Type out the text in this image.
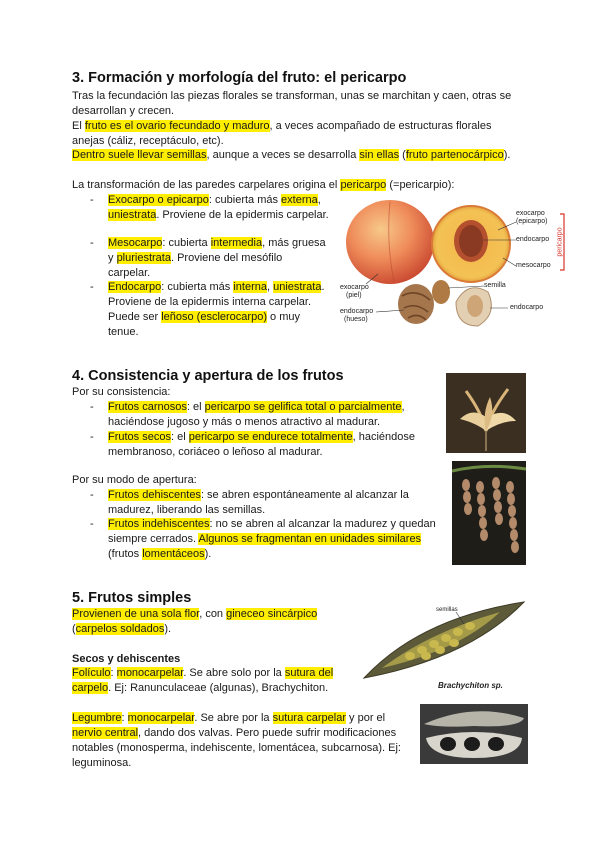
3. Formación y morfología del fruto: el pericarpo

Tras la fecundación las piezas florales se transforman, unas se marchitan y caen, otras se desarrollan y crecen.

El fruto es el ovario fecundado y maduro, a veces acompañado de estructuras florales anejas (cáliz, receptáculo, etc).

Dentro suele llevar semillas, aunque a veces se desarrolla sin ellas (fruto partenocárpico).

La transformación de las paredes carpelares origina el pericarpo (=pericarpio):

- Exocarpo o epicarpo: cubierta más externa, uniestrata. Proviene de la epidermis carpelar.
- Mesocarpo: cubierta intermedia, más gruesa y pluriestrata. Proviene del mesófilo carpelar.
- Endocarpo: cubierta más interna, uniestrata. Proviene de la epidermis interna carpelar. Puede ser leñoso (esclerocarpo) o muy tenue.
exocarpo
(epicarpo)
endocarpo
mesocarpo
pericarpo
exocarpo
(piel)
endocarpo
(hueso)
semilla
endocarpo
4. Consistencia y apertura de los frutos

Por su consistencia:

- Frutos carnosos: el pericarpo se gelifica total o parcialmente, haciéndose jugoso y más o menos atractivo al madurar.
- Frutos secos: el pericarpo se endurece totalmente, haciéndose membranoso, coriáceo o leñoso al madurar.

Por su modo de apertura:

- Frutos dehiscentes: se abren espontáneamente al alcanzar la madurez, liberando las semillas.
- Frutos indehiscentes: no se abren al alcanzar la madurez y quedan siempre cerrados. Algunos se fragmentan en unidades similares (frutos lomentáceos).
5. Frutos simples

Provienen de una sola flor, con gineceo sincárpico (carpelos soldados).

Secos y dehiscentes

Folículo: monocarpelar. Se abre solo por la sutura del carpelo. Ej: Ranunculaceae (algunas), Brachychiton.

Legumbre: monocarpelar. Se abre por la sutura carpelar y por el nervio central, dando dos valvas. Pero puede sufrir modificaciones notables (monosperma, indehiscente, lomentácea, subcarnosa). Ej: leguminosa.

semillas
Brachychiton sp.
